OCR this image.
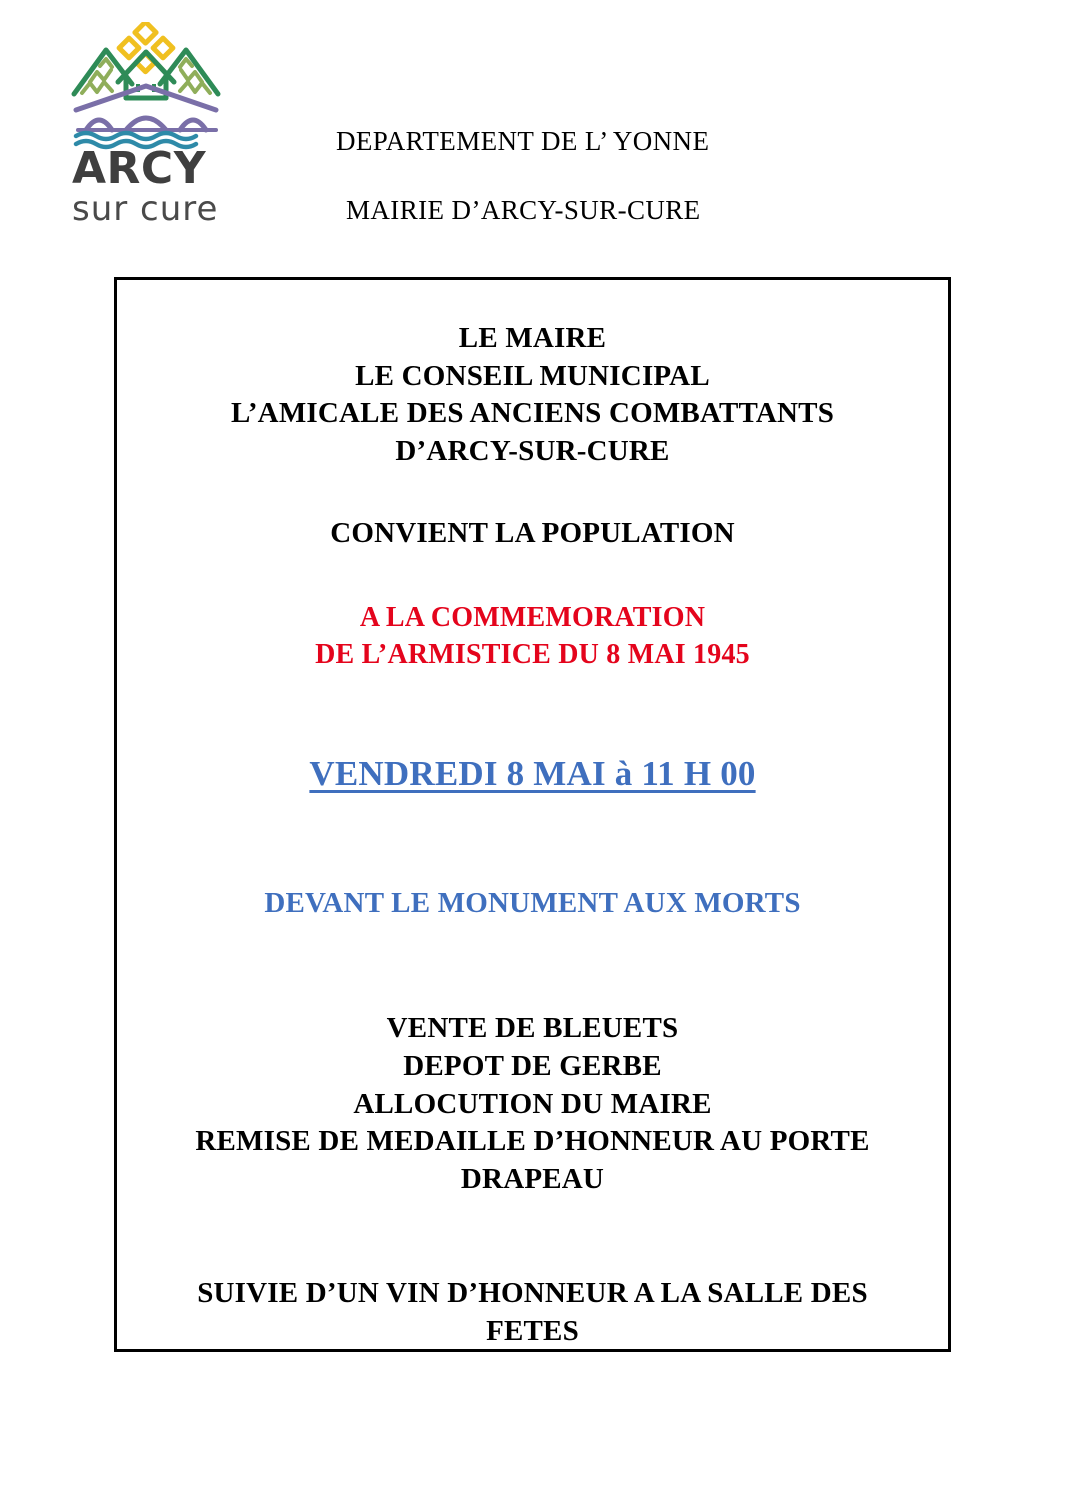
ARCY
sur cure
DEPARTEMENT DE L’ YONNE
MAIRIE D’ARCY-SUR-CURE
LE MAIRE
LE CONSEIL MUNICIPAL
L’AMICALE DES ANCIENS COMBATTANTS
D’ARCY-SUR-CURE
CONVIENT LA POPULATION
A LA COMMEMORATION
DE L’ARMISTICE DU 8 MAI 1945
VENDREDI 8 MAI à 11 H 00
DEVANT LE MONUMENT AUX MORTS
VENTE DE BLEUETS
DEPOT DE GERBE
ALLOCUTION DU MAIRE
REMISE DE MEDAILLE D’HONNEUR AU PORTE
DRAPEAU
SUIVIE D’UN VIN D’HONNEUR A LA SALLE DES
FETES
